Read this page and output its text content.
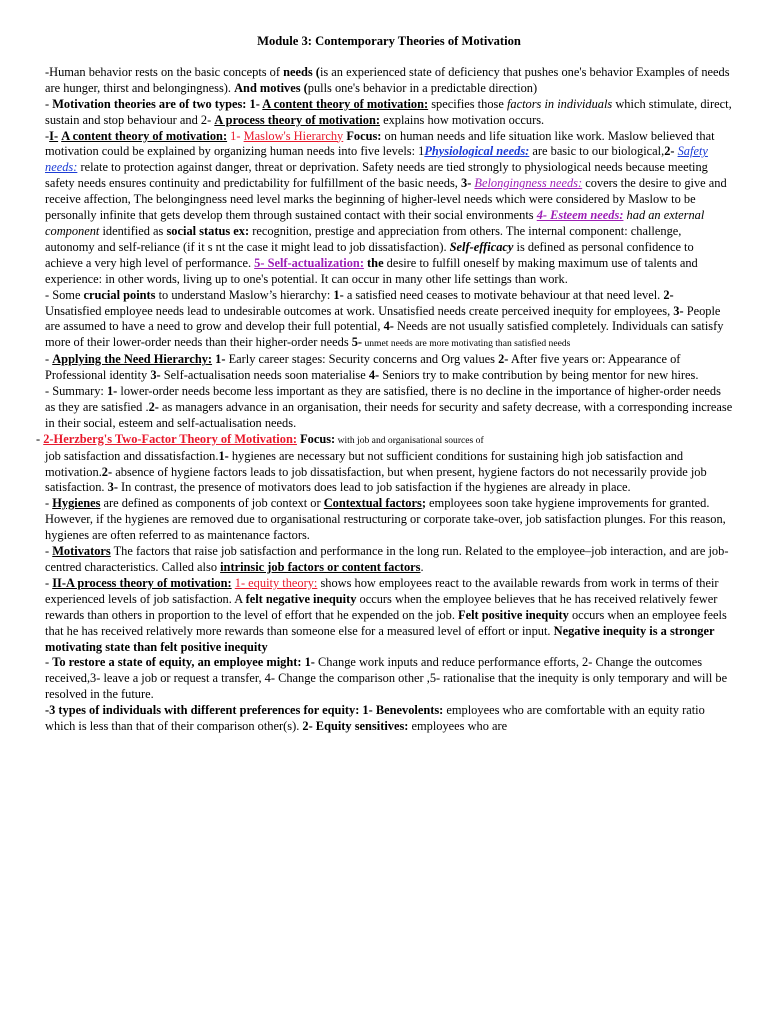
Module 3: Contemporary Theories of Motivation

-Human behavior rests on the basic concepts of needs (is an experienced state of deficiency that pushes one's behavior Examples of needs are hunger, thirst and belongingness). And motives (pulls one's behavior in a predictable direction)

- Motivation theories are of two types: 1- A content theory of motivation: specifies those factors in individuals which stimulate, direct, sustain and stop behaviour and 2- A process theory of motivation: explains how motivation occurs.

-I- A content theory of motivation: 1- Maslow's Hierarchy Focus: on human needs and life situation like work. Maslow believed that motivation could be explained by organizing human needs into five levels: 1Physiological needs: are basic to our biological,2- Safety needs: relate to protection against danger, threat or deprivation. Safety needs are tied strongly to physiological needs because meeting safety needs ensures continuity and predictability for fulfillment of the basic needs, 3- Belongingness needs: covers the desire to give and receive affection, The belongingness need level marks the beginning of higher-level needs which were considered by Maslow to be personally infinite that gets develop them through sustained contact with their social environments 4- Esteem needs: had an external component identified as social status ex: recognition, prestige and appreciation from others. The internal component: challenge, autonomy and self-reliance (if it s nt the case it might lead to job dissatisfaction). Self-efficacy is defined as personal confidence to achieve a very high level of performance. 5- Self-actualization: the desire to fulfill oneself by making maximum use of talents and experience: in other words, living up to one's potential. It can occur in many other life settings than work.

- Some crucial points to understand Maslow’s hierarchy: 1- a satisfied need ceases to motivate behaviour at that need level. 2- Unsatisfied employee needs lead to undesirable outcomes at work. Unsatisfied needs create perceived inequity for employees, 3- People are assumed to have a need to grow and develop their full potential, 4- Needs are not usually satisfied completely. Individuals can satisfy more of their lower-order needs than their higher-order needs 5- unmet needs are more motivating than satisfied needs

- Applying the Need Hierarchy: 1- Early career stages: Security concerns and Org values 2- After five years or: Appearance of Professional identity 3- Self-actualisation needs soon materialise 4- Seniors try to make contribution by being mentor for new hires.

- Summary: 1- lower-order needs become less important as they are satisfied, there is no decline in the importance of higher-order needs as they are satisfied .2- as managers advance in an organisation, their needs for security and safety decrease, with a corresponding increase in their social, esteem and self-actualisation needs.

- 2-Herzberg's Two-Factor Theory of Motivation: Focus: with job and organisational sources of

job satisfaction and dissatisfaction.1- hygienes are necessary but not sufficient conditions for sustaining high job satisfaction and motivation.2- absence of hygiene factors leads to job dissatisfaction, but when present, hygiene factors do not necessarily provide job satisfaction. 3- In contrast, the presence of motivators does lead to job satisfaction if the hygienes are already in place.

- Hygienes are defined as components of job context or Contextual factors; employees soon take hygiene improvements for granted. However, if the hygienes are removed due to organisational restructuring or corporate take-over, job satisfaction plunges. For this reason, hygienes are often referred to as maintenance factors.

- Motivators The factors that raise job satisfaction and performance in the long run. Related to the employee–job interaction, and are job-centred characteristics. Called also intrinsic job factors or content factors.

- II-A process theory of motivation: 1- equity theory: shows how employees react to the available rewards from work in terms of their experienced levels of job satisfaction. A felt negative inequity occurs when the employee believes that he has received relatively fewer rewards than others in proportion to the level of effort that he expended on the job. Felt positive inequity occurs when an employee feels that he has received relatively more rewards than someone else for a measured level of effort or input. Negative inequity is a stronger motivating state than felt positive inequity

- To restore a state of equity, an employee might: 1- Change work inputs and reduce performance efforts, 2- Change the outcomes received,3- leave a job or request a transfer, 4- Change the comparison other ,5- rationalise that the inequity is only temporary and will be resolved in the future.

-3 types of individuals with different preferences for equity: 1- Benevolents: employees who are comfortable with an equity ratio which is less than that of their comparison other(s). 2- Equity sensitives: employees who are
